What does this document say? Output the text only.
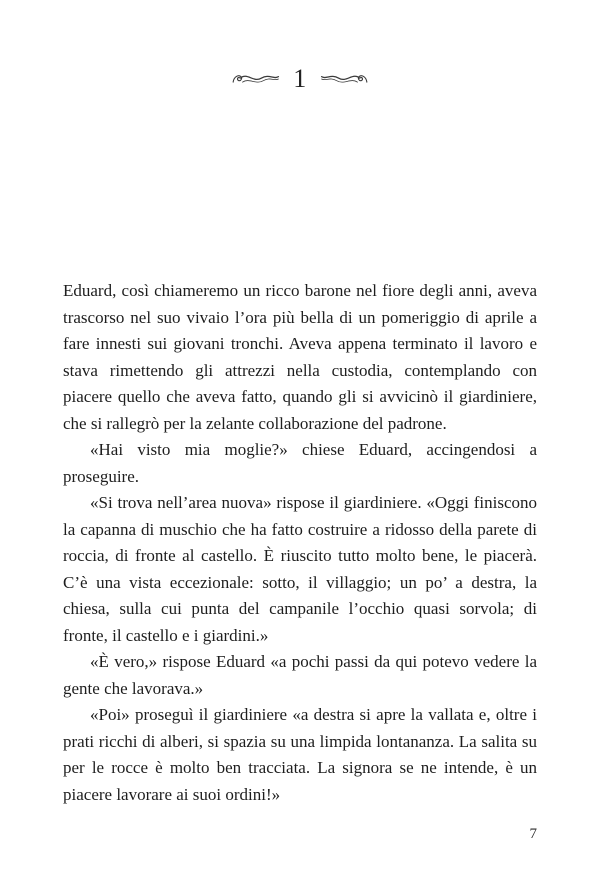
1

Eduard, così chiameremo un ricco barone nel fiore degli anni, aveva trascorso nel suo vivaio l’ora più bella di un pomeriggio di aprile a fare innesti sui giovani tronchi. Aveva appena terminato il lavoro e stava rimettendo gli attrezzi nella custodia, contemplando con piacere quello che aveva fatto, quando gli si avvicinò il giardiniere, che si rallegrò per la zelante collaborazione del padrone.

«Hai visto mia moglie?» chiese Eduard, accingendosi a proseguire.

«Si trova nell’area nuova» rispose il giardiniere. «Oggi finiscono la capanna di muschio che ha fatto costruire a ridosso della parete di roccia, di fronte al castello. È riuscito tutto molto bene, le piacerà. C’è una vista eccezionale: sotto, il villaggio; un po’ a destra, la chiesa, sulla cui punta del campanile l’occhio quasi sorvola; di fronte, il castello e i giardini.»

«È vero,» rispose Eduard «a pochi passi da qui potevo vedere la gente che lavorava.»

«Poi» proseguì il giardiniere «a destra si apre la vallata e, oltre i prati ricchi di alberi, si spazia su una limpida lontananza. La salita su per le rocce è molto ben tracciata. La signora se ne intende, è un piacere lavorare ai suoi ordini!»

7
